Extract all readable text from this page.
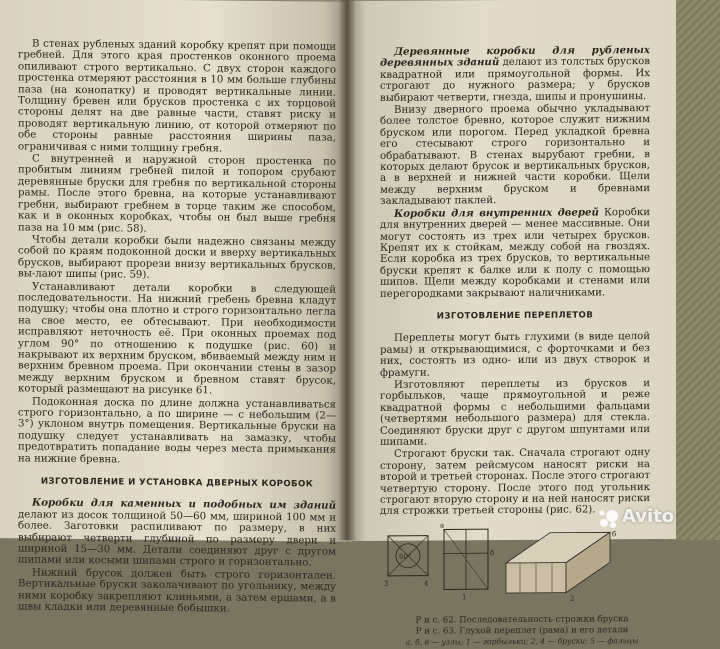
В стенах рубленых зданий коробку крепят при помощи гребней. Для этого края простенков оконного проема опиливают строго вертикально. С двух сторон каждого простенка отмеряют расстояния в 10 мм больше глубины паза (на конопатку) и проводят вертикальные линии. Толщину бревен или брусков простенка с их торцовой стороны делят на две равные части, ставят риску и проводят вертикальную линию, от которой отмеряют по обе стороны равные расстояния ширины паза, ограничивая с ними толщину гребня.

С внутренней и наружной сторон простенка по пробитым линиям гребней пилой и топором срубают деревянные бруски для гребня по вертикальной стороны рамы. После этого бревна, на которые устанавливают гребни, выбирают гребнем в торце таким же способом, как и в оконных коробках, чтобы он был выше гребня паза на 10 мм (рис. 58).

Чтобы детали коробки были надежно связаны между собой по краям подоконной доски и вверху вертикальных брусков, выбирают прорези внизу вертикальных брусков, вы-лают шипы (рис. 59).

Устанавливают детали коробки в следующей последовательности. На нижний гребень бревна кладут подушку; чтобы она плотно и строго горизонтально легла на свое место, ее обтесывают. При необходимости исправляют неточность её. При оконных проемах под углом 90° по отношению к подушке (рис. 60) и накрывают их верхним бруском, вбиваемый между ним и верхним бревном проема. При окончании стены в зазор между верхним бруском и бревном ставят брусок, который размещают на рисунке 61.

Подоконная доска по длине должна устанавливаться строго горизонтально, а по ширине — с небольшим (2—3°) уклоном внутрь помещения. Вертикальные бруски на подушку следует устанавливать на замазку, чтобы предотвратить попадание воды через места примыкания на нижние бревна.

ИЗГОТОВЛЕНИЕ И УСТАНОВКА ДВЕРНЫХ КОРОБОК

Коробки для каменных и подобных им зданий делают из досок толщиной 50—60 мм, шириной 100 мм и более. Заготовки распиливают по размеру, в них выбирают четверти глубиной по размеру двери и шириной 15—30 мм. Детали соединяют друг с другом шипами или косыми шипами строго и горизонтально.

Нижний брусок должен быть строго горизонтален. Вертикальные бруски заколачивают по угольнику, между ними коробку закрепляют клиньями, а затем ершами, а в швы кладки или деревянные бобышки.

Деревянные коробки для рубленых деревянных зданий делают из толстых брусков квадратной или прямоугольной формы. Их строгают до нужного размера; у брусков выбирают четверти, гнезда, шипы и пронушины.

Внизу дверного проема обычно укладывают более толстое бревно, которое служит нижним бруском или порогом. Перед укладкой бревна его стесывают строго горизонтально и обрабатывают. В стенах вырубают гребни, в которых делают брусок и вертикальных брусков, а в верхней и нижней части коробки. Щели между верхним бруском и бревнами закладывают паклей.

Коробки для внутренних дверей Коробки для внутренних дверей — менее массивные. Они могут состоять из трех или четырех брусков. Крепят их к стойкам, между собой на гвоздях. Если коробка из трех брусков, то вертикальные бруски крепят к балке или к полу с помощью шипов. Щели между коробками и стенами или перегородками закрывают наличниками.

ИЗГОТОВЛЕНИЕ ПЕРЕПЛЕТОВ

Переплеты могут быть глухими (в виде целой рамы) и открывающимися, с форточками и без них, состоять из одно- или из двух створок и фрамуги.

Изготовляют переплеты из брусков и горбыльков, чаще прямоугольной и реже квадратной формы с небольшими фальцами (четвертями небольшого размера) для стекла. Соединяют бруски друг с другом шпунтами или шипами.

Строгают бруски так. Сначала строгают одну сторону, затем рейсмусом наносят риски на второй и третьей сторонах. После этого строгают четвертую сторону. После этого под угольник строгают вторую сторону и на ней наносят риски для строжки третьей стороны (рис. 62).

60°
а
б
1	2
б
3	4

Р и с. 62. Последовательность строжки бруска

Р и с. 63. Глухой переплет (рама) и его детали

а, б, в — узлы; 1 — горбыльки; 2, 4 — бруски; 5 — фальцы

Avito
